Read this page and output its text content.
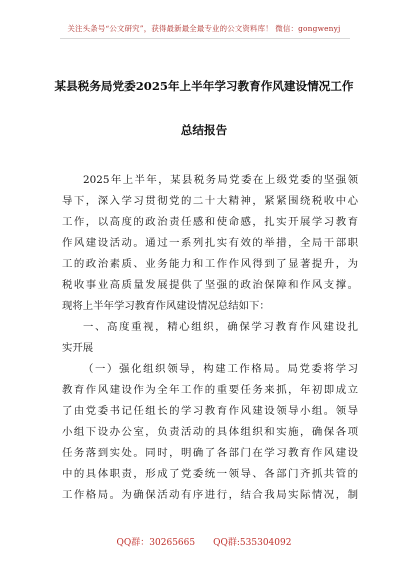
关注头条号“公文研究”，获得最新最全最专业的公文资料库！ 微信：gongwenyj
某县税务局党委2025年上半年学习教育作风建设情况工作
总结报告
2025年上半年，某县税务局党委在上级党委的坚强领
导下，深入学习贯彻党的二十大精神，紧紧围绕税收中心
工作，以高度的政治责任感和使命感，扎实开展学习教育
作风建设活动。通过一系列扎实有效的举措，全局干部职
工的政治素质、业务能力和工作作风得到了显著提升，为
税收事业高质量发展提供了坚强的政治保障和作风支撑。
现将上半年学习教育作风建设情况总结如下：
一、高度重视，精心组织，确保学习教育作风建设扎
实开展
（一）强化组织领导，构建工作格局。局党委将学习
教育作风建设作为全年工作的重要任务来抓，年初即成立
了由党委书记任组长的学习教育作风建设领导小组。领导
小组下设办公室，负责活动的具体组织和实施，确保各项
任务落到实处。同时，明确了各部门在学习教育作风建设
中的具体职责，形成了党委统一领导、各部门齐抓共管的
工作格局。为确保活动有序进行，结合我局实际情况，制
QQ群：30265665 QQ群:535304092
